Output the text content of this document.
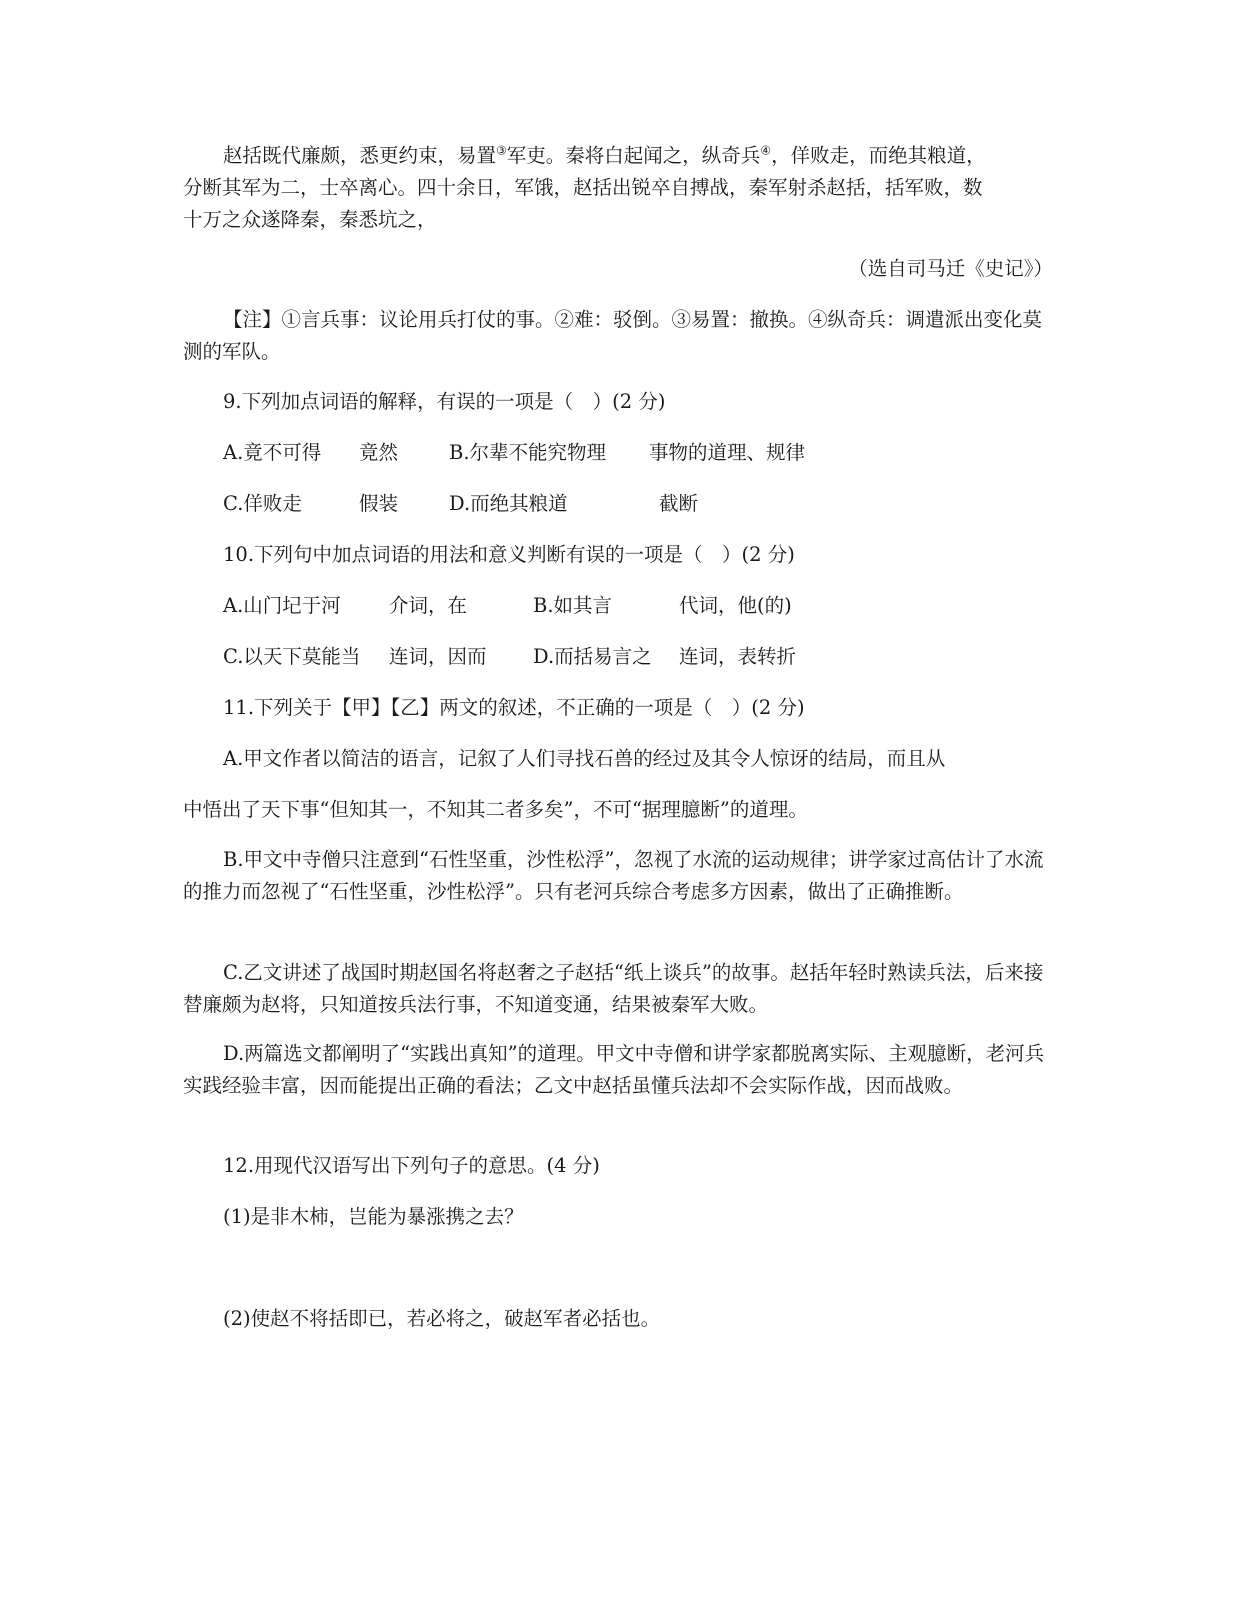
赵括既代廉颇，悉更约束，易置③军吏。秦将白起闻之，纵奇兵④，佯败走，而绝其粮道，
分断其军为二，士卒离心。四十余日，军饿，赵括出锐卒自搏战，秦军射杀赵括，括军败，数
十万之众遂降秦，秦悉坑之，
（选自司马迁《史记》）

【注】①言兵事：议论用兵打仗的事。②难：驳倒。③易置：撤换。④纵奇兵：调遣派出变化莫测的军队。

9.下列加点词语的解释，有误的一项是（　）(2 分)
A.竟不可得 竟然	B.尔辈不能究物理 事物的道理、规律
C.佯败走	假装	D.而绝其粮道	截断
10.下列句中加点词语的用法和意义判断有误的一项是（　）(2 分)
A.山门圮于河 介词，在	B.如其言	代词，他(的)
C.以天下莫能当 连词，因而 D.而括易言之 连词，表转折
11.下列关于【甲】【乙】两文的叙述，不正确的一项是（　）(2 分)
A.甲文作者以简洁的语言，记叙了人们寻找石兽的经过及其令人惊讶的结局，而且从
中悟出了天下事“但知其一，不知其二者多矣”，不可“据理臆断”的道理。

B.甲文中寺僧只注意到“石性坚重，沙性松浮”，忽视了水流的运动规律；讲学家过高估计了水流的推力而忽视了“石性坚重，沙性松浮”。只有老河兵综合考虑多方因素，做出了正确推断。

C.乙文讲述了战国时期赵国名将赵奢之子赵括“纸上谈兵”的故事。赵括年轻时熟读兵法，后来接替廉颇为赵将，只知道按兵法行事，不知道变通，结果被秦军大败。

D.两篇选文都阐明了“实践出真知”的道理。甲文中寺僧和讲学家都脱离实际、主观臆断，老河兵实践经验丰富，因而能提出正确的看法；乙文中赵括虽懂兵法却不会实际作战，因而战败。

12.用现代汉语写出下列句子的意思。(4 分)
(1)是非木柿，岂能为暴涨携之去？
(2)使赵不将括即已，若必将之，破赵军者必括也。
